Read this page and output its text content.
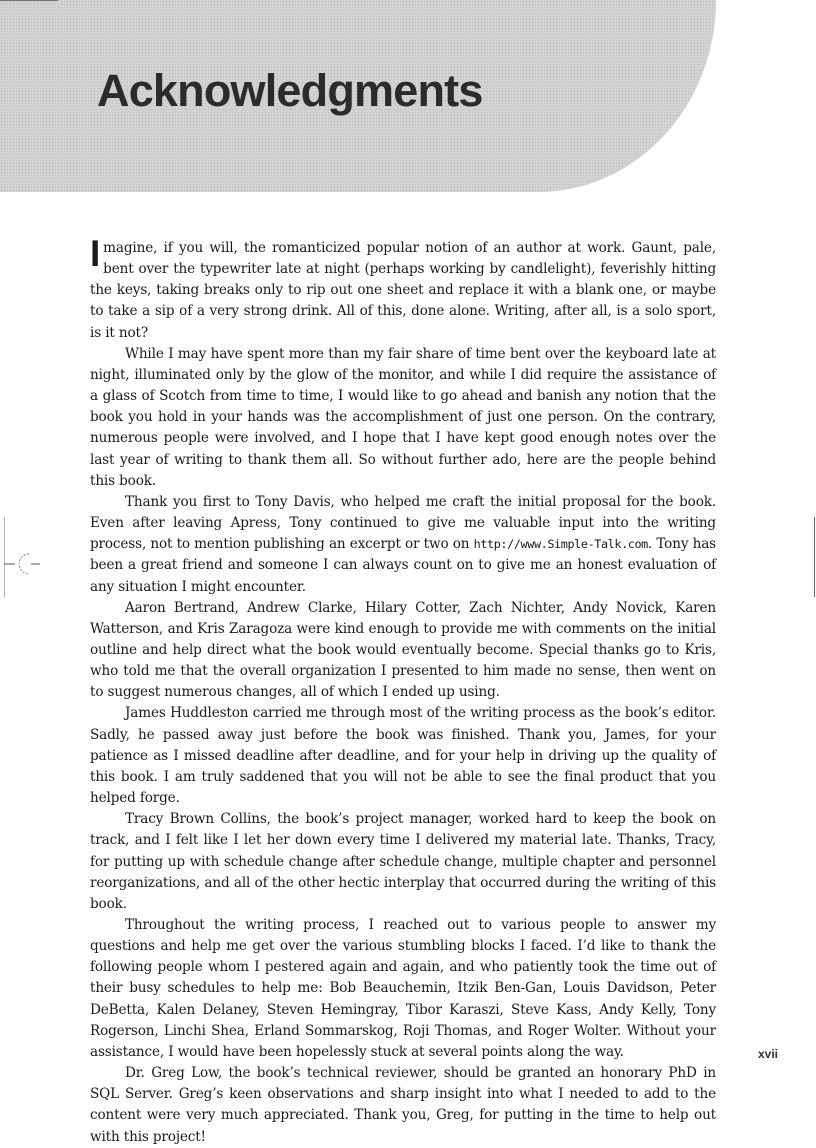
Acknowledgments

Imagine, if you will, the romanticized popular notion of an author at work. Gaunt, pale, bent over the typewriter late at night (perhaps working by candlelight), feverishly hitting the keys, taking breaks only to rip out one sheet and replace it with a blank one, or maybe to take a sip of a very strong drink. All of this, done alone. Writing, after all, is a solo sport, is it not?

While I may have spent more than my fair share of time bent over the keyboard late at night, illuminated only by the glow of the monitor, and while I did require the assistance of a glass of Scotch from time to time, I would like to go ahead and banish any notion that the book you hold in your hands was the accomplishment of just one person. On the contrary, numerous people were involved, and I hope that I have kept good enough notes over the last year of writing to thank them all. So without further ado, here are the people behind this book.

Thank you first to Tony Davis, who helped me craft the initial proposal for the book. Even after leaving Apress, Tony continued to give me valuable input into the writing process, not to mention publishing an excerpt or two on http://www.Simple-Talk.com. Tony has been a great friend and someone I can always count on to give me an honest evaluation of any situation I might encounter.

Aaron Bertrand, Andrew Clarke, Hilary Cotter, Zach Nichter, Andy Novick, Karen Watterson, and Kris Zaragoza were kind enough to provide me with comments on the initial outline and help direct what the book would eventually become. Special thanks go to Kris, who told me that the overall organization I presented to him made no sense, then went on to suggest numerous changes, all of which I ended up using.

James Huddleston carried me through most of the writing process as the book’s editor. Sadly, he passed away just before the book was finished. Thank you, James, for your patience as I missed deadline after deadline, and for your help in driving up the quality of this book. I am truly saddened that you will not be able to see the final product that you helped forge.

Tracy Brown Collins, the book’s project manager, worked hard to keep the book on track, and I felt like I let her down every time I delivered my material late. Thanks, Tracy, for putting up with schedule change after schedule change, multiple chapter and personnel reorganizations, and all of the other hectic interplay that occurred during the writing of this book.

Throughout the writing process, I reached out to various people to answer my questions and help me get over the various stumbling blocks I faced. I’d like to thank the following people whom I pestered again and again, and who patiently took the time out of their busy schedules to help me: Bob Beauchemin, Itzik Ben-Gan, Louis Davidson, Peter DeBetta, Kalen Delaney, Steven Hemingray, Tibor Karaszi, Steve Kass, Andy Kelly, Tony Rogerson, Linchi Shea, Erland Sommarskog, Roji Thomas, and Roger Wolter. Without your assistance, I would have been hopelessly stuck at several points along the way.

Dr. Greg Low, the book’s technical reviewer, should be granted an honorary PhD in SQL Server. Greg’s keen observations and sharp insight into what I needed to add to the content were very much appreciated. Thank you, Greg, for putting in the time to help out with this project!

xvii
